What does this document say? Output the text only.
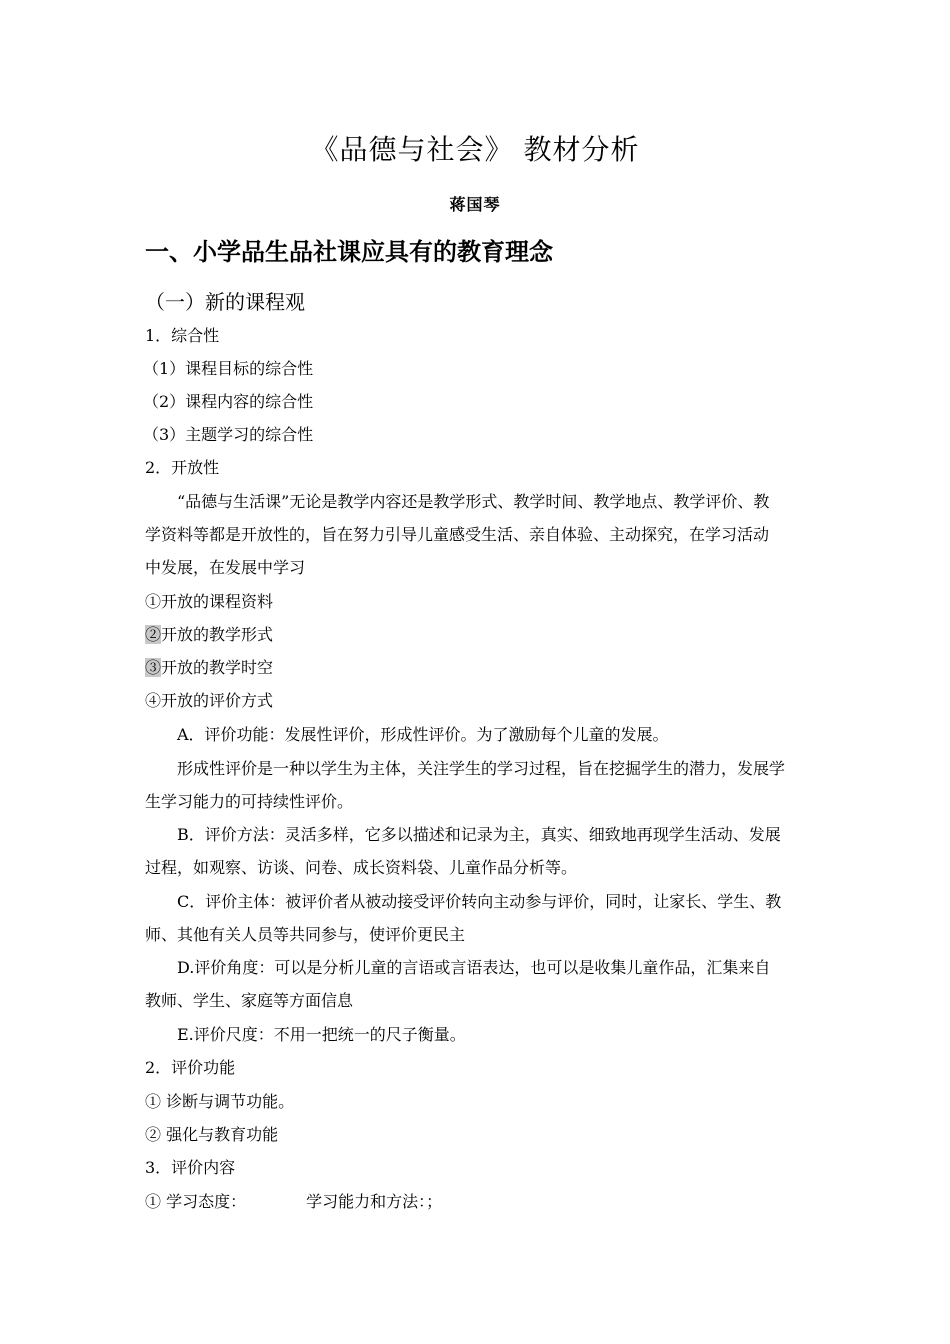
《品德与社会》 教材分析
蒋国琴
一、小学品生品社课应具有的教育理念
（一）新的课程观
1．综合性
（1）课程目标的综合性
（2）课程内容的综合性
（3）主题学习的综合性
2．开放性
“品德与生活课”无论是教学内容还是教学形式、教学时间、教学地点、教学评价、教
学资料等都是开放性的，旨在努力引导儿童感受生活、亲自体验、主动探究，在学习活动
中发展，在发展中学习
①开放的课程资料
②开放的教学形式
③开放的教学时空
④开放的评价方式
A．评价功能：发展性评价，形成性评价。为了激励每个儿童的发展。
形成性评价是一种以学生为主体，关注学生的学习过程，旨在挖掘学生的潜力，发展学
生学习能力的可持续性评价。
B．评价方法：灵活多样，它多以描述和记录为主，真实、细致地再现学生活动、发展
过程，如观察、访谈、问卷、成长资料袋、儿童作品分析等。
C．评价主体：被评价者从被动接受评价转向主动参与评价，同时，让家长、学生、教
师、其他有关人员等共同参与，使评价更民主
D.评价角度：可以是分析儿童的言语或言语表达，也可以是收集儿童作品，汇集来自
教师、学生、家庭等方面信息
E.评价尺度：不用一把统一的尺子衡量。
2．评价功能
① 诊断与调节功能。
② 强化与教育功能
3．评价内容
① 学习态度：	学习能力和方法：；
